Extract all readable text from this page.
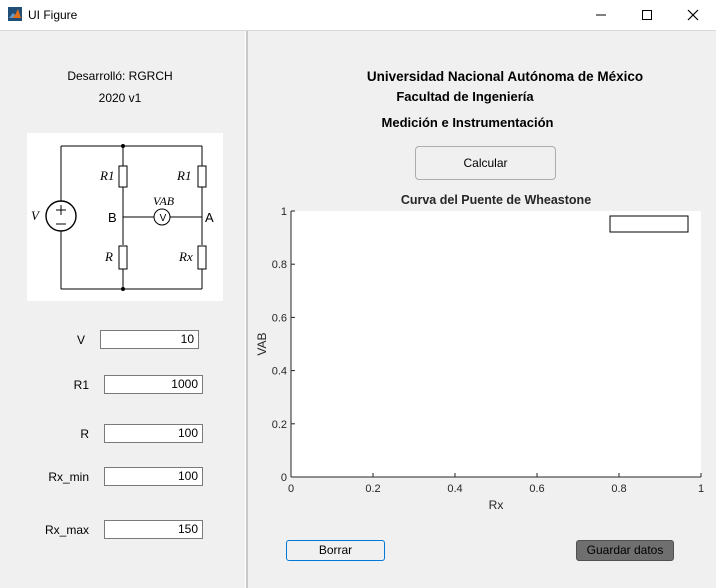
UI Figure
Desarrolló: RGRCH
2020 v1
V
V
R1	R1
R	Rx
VAB
B	A
V	10
R1	1000
R	100
Rx_min	100
Rx_max	150
Universidad Nacional Autónoma de México
Facultad de Ingeniería
Medición e Instrumentación
Calcular
0	0.2	0.4	0.6	0.8	1
0
0.2
0.4
0.6
0.8
1
Curva del Puente de Wheastone
Rx
VAB
Borrar	Guardar datos
